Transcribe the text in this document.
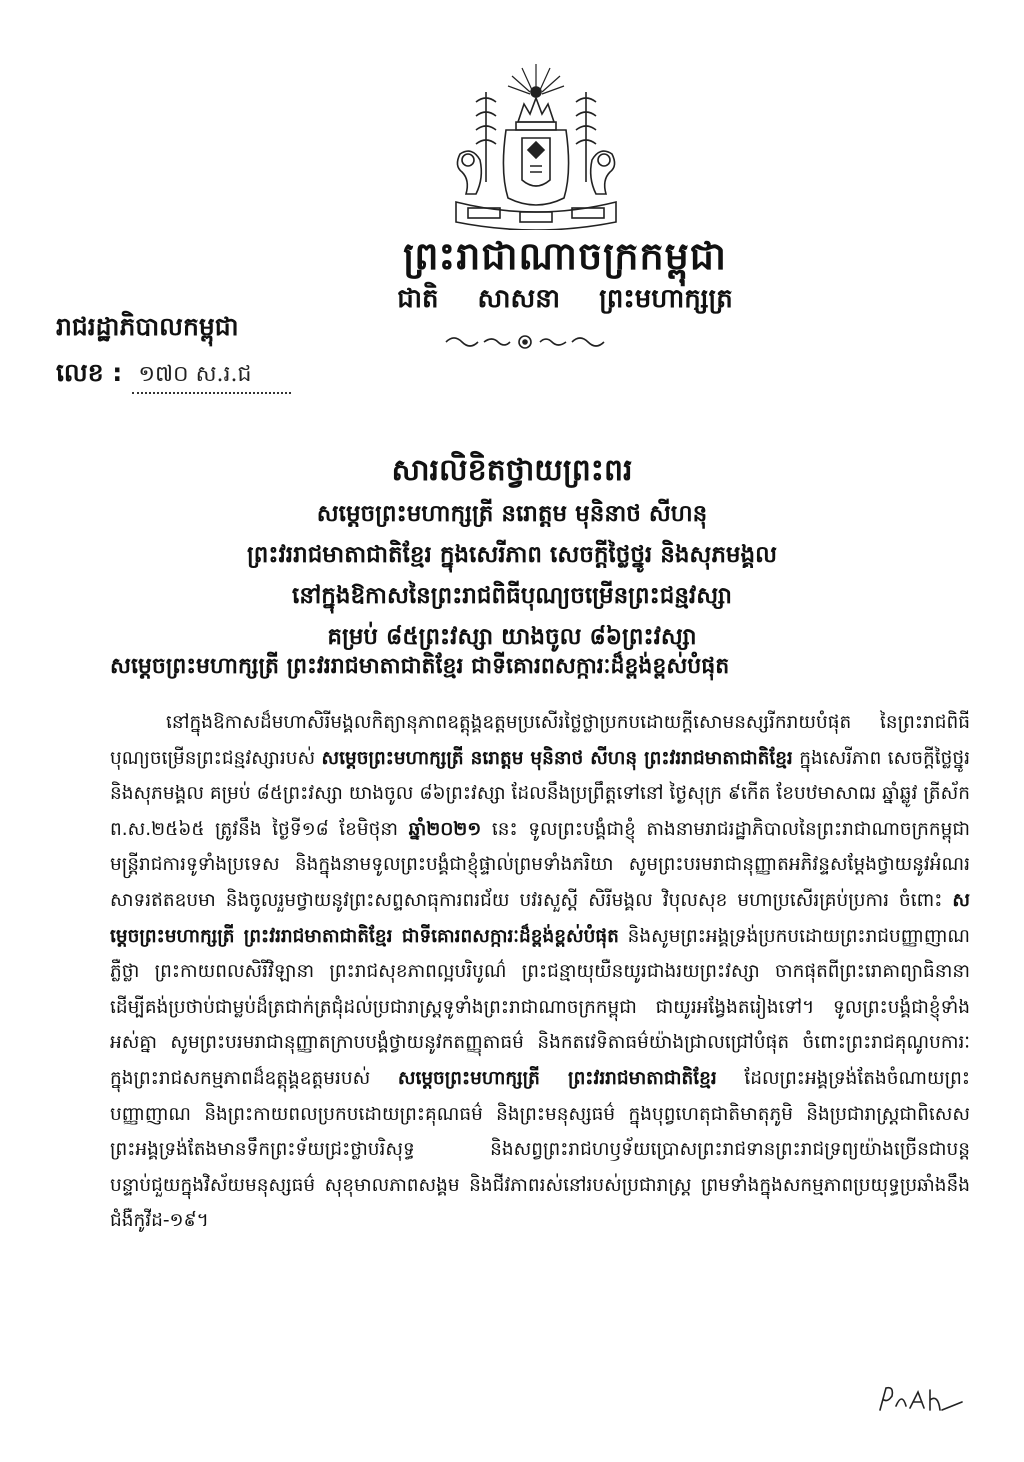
ព្រះរាជាណាចក្រកម្ពុជា
ជាតិ សាសនា ព្រះមហាក្សត្រ
រាជរដ្ឋាភិបាលកម្ពុជា
លេខ : ១៧០ ស.រ.ជ
សារលិខិតថ្វាយព្រះពរ
សម្តេចព្រះមហាក្សត្រី នរោត្តម មុនិនាថ សីហនុ
ព្រះវររាជមាតាជាតិខ្មែរ ក្នុងសេរីភាព សេចក្តីថ្លៃថ្នូរ និងសុភមង្គល
នៅក្នុងឱកាសនៃព្រះរាជពិធីបុណ្យចម្រើនព្រះជន្មវស្សា
គម្រប់ ៨៥ព្រះវស្សា យាងចូល ៨៦ព្រះវស្សា
សម្តេចព្រះមហាក្សត្រី ព្រះវររាជមាតាជាតិខ្មែរ ជាទីគោរពសក្ការៈដ៏ខ្ពង់ខ្ពស់បំផុត

នៅក្នុងឱកាសដ៏មហាសិរីមង្គលកិត្យានុភាពឧត្តុង្គឧត្តមប្រសើរថ្លៃថ្លាប្រកបដោយក្តីសោមនស្សរីករាយបំផុត នៃព្រះរាជពិធីបុណ្យចម្រើនព្រះជន្មវស្សារបស់ សម្តេចព្រះមហាក្សត្រី នរោត្តម មុនិនាថ សីហនុ ព្រះវររាជមាតាជាតិខ្មែរ ក្នុងសេរីភាព សេចក្តីថ្លៃថ្នូរ និងសុភមង្គល គម្រប់ ៨៥ព្រះវស្សា យាងចូល ៨៦ព្រះវស្សា ដែលនឹងប្រព្រឹត្តទៅនៅ ថ្ងៃសុក្រ ៩កើត ខែបឋមាសាឍ ឆ្នាំឆ្លូវ ត្រីស័ក ព.ស.២៥៦៥ ត្រូវនឹង ថ្ងៃទី១៨ ខែមិថុនា ឆ្នាំ២០២១ នេះ ទូលព្រះបង្គំជាខ្ញុំ តាងនាមរាជរដ្ឋាភិបាលនៃព្រះរាជាណាចក្រកម្ពុជា មន្ត្រីរាជការទូទាំងប្រទេស និងក្នុងនាមទូលព្រះបង្គំជាខ្ញុំផ្ទាល់ព្រមទាំងភរិយា សូមព្រះបរមរាជានុញ្ញាតអភិវន្ទសម្តែងថ្វាយនូវអំណរសាទរឥតឧបមា និងចូលរួមថ្វាយនូវព្រះសព្ទសាធុការពរជ័យ បវរសួស្តី សិរីមង្គល វិបុលសុខ មហាប្រសើរគ្រប់ប្រការ ចំពោះ សម្តេចព្រះមហាក្សត្រី ព្រះវររាជមាតាជាតិខ្មែរ ជាទីគោរពសក្ការៈដ៏ខ្ពង់ខ្ពស់បំផុត និងសូមព្រះអង្គទ្រង់ប្រកបដោយព្រះរាជបញ្ញាញាណភ្លឺថ្លា ព្រះកាយពលសិរីវិឡានា ព្រះរាជសុខភាពល្អបរិបូណ៌ ព្រះជន្មាយុយឺនយូរជាងរយព្រះវស្សា ចាកផុតពីព្រះរោគាព្យាធិនានា ដើម្បីគង់ប្រថាប់ជាម្លប់ដ៏ត្រជាក់ត្រជុំដល់ប្រជារាស្ត្រទូទាំងព្រះរាជាណាចក្រកម្ពុជា ជាយូរអង្វែងតរៀងទៅ។ ទូលព្រះបង្គំជាខ្ញុំទាំងអស់គ្នា សូមព្រះបរមរាជានុញ្ញាតក្រាបបង្គំថ្វាយនូវកតញ្ញុតាធម៌ និងកតវេទិតាធម៌យ៉ាងជ្រាលជ្រៅបំផុត ចំពោះព្រះរាជគុណូបការៈក្នុងព្រះរាជសកម្មភាពដ៏ឧត្តុង្គឧត្តមរបស់ សម្តេចព្រះមហាក្សត្រី ព្រះវររាជមាតាជាតិខ្មែរ ដែលព្រះអង្គទ្រង់តែងចំណាយព្រះបញ្ញាញាណ និងព្រះកាយពលប្រកបដោយព្រះគុណធម៌ និងព្រះមនុស្សធម៌ ក្នុងបុព្វហេតុជាតិមាតុភូមិ និងប្រជារាស្ត្រជាពិសេស ព្រះអង្គទ្រង់តែងមានទឹកព្រះទ័យជ្រះថ្លាបរិសុទ្ធ និងសព្វព្រះរាជហឫទ័យប្រោសព្រះរាជទានព្រះរាជទ្រព្យយ៉ាងច្រើនជាបន្តបន្ទាប់ជួយក្នុងវិស័យមនុស្សធម៌ សុខុមាលភាពសង្គម និងជីវភាពរស់នៅរបស់ប្រជារាស្ត្រ ព្រមទាំងក្នុងសកម្មភាពប្រយុទ្ធប្រឆាំងនឹងជំងឺកូវីដ-១៩។
